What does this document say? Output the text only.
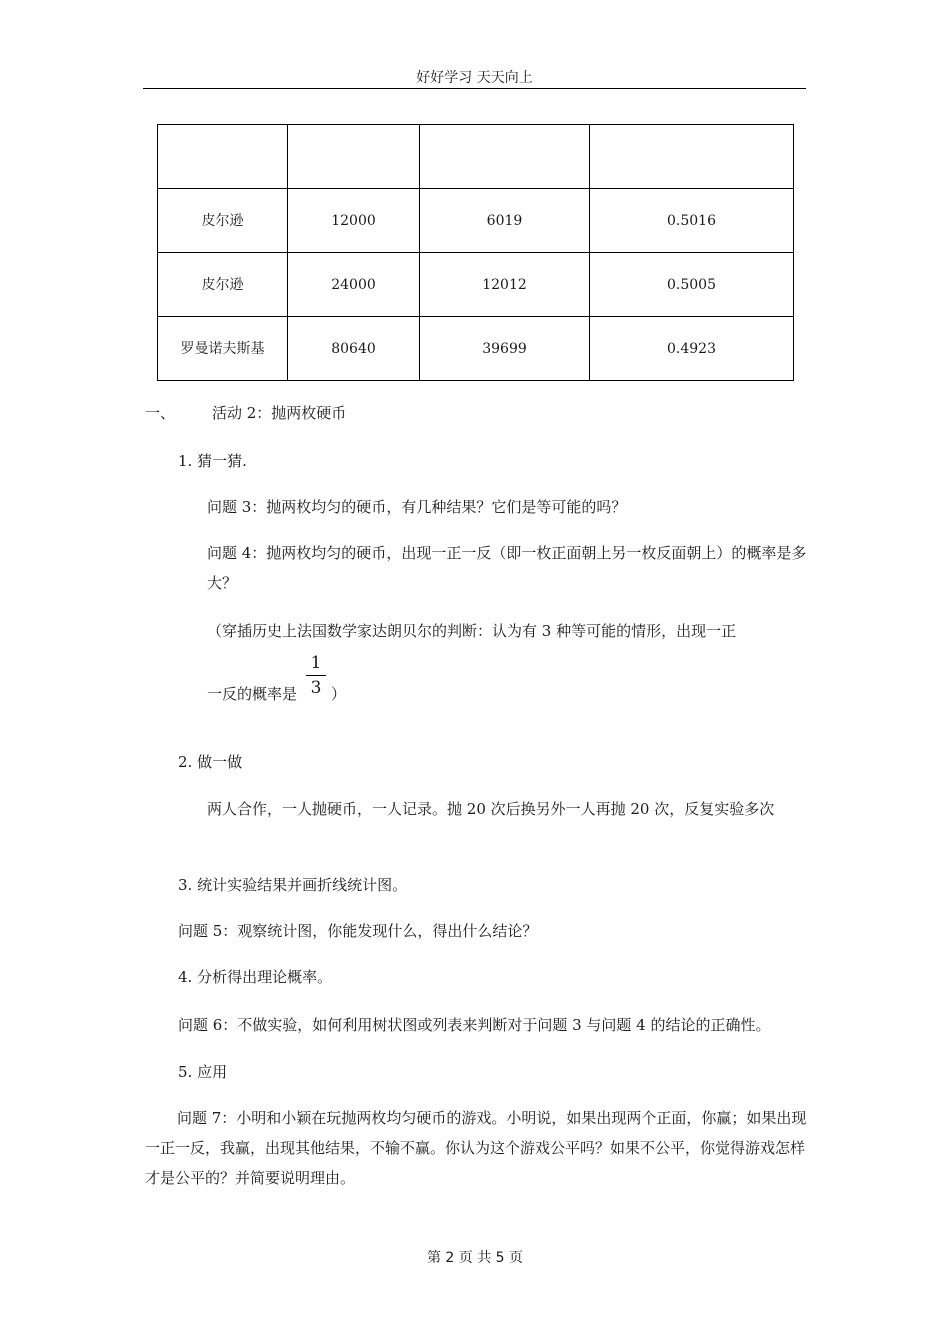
好好学习 天天向上

皮尔逊	12000	6019	0.5016
皮尔逊	24000	12012	0.5005
罗曼诺夫斯基	80640	39699	0.4923
一、 活动 2：抛两枚硬币
1. 猜一猜.
问题 3：抛两枚均匀的硬币，有几种结果？它们是等可能的吗？
问题 4：抛两枚均匀的硬币，出现一正一反（即一枚正面朝上另一枚反面朝上）的概率是多大？
（穿插历史上法国数学家达朗贝尔的判断：认为有 3 种等可能的情形，出现一正
一反的概率是
1
3 ）
2. 做一做
两人合作，一人抛硬币，一人记录。抛 20 次后换另外一人再抛 20 次，反复实验多次
3. 统计实验结果并画折线统计图。
问题 5：观察统计图，你能发现什么，得出什么结论？
4. 分析得出理论概率。
问题 6：不做实验，如何利用树状图或列表来判断对于问题 3 与问题 4 的结论的正确性。
5. 应用
问题 7：小明和小颖在玩抛两枚均匀硬币的游戏。小明说，如果出现两个正面，你赢；如果出现一正一反，我赢，出现其他结果，不输不赢。你认为这个游戏公平吗？如果不公平，你觉得游戏怎样才是公平的？并简要说明理由。
第 2 页 共 5 页
